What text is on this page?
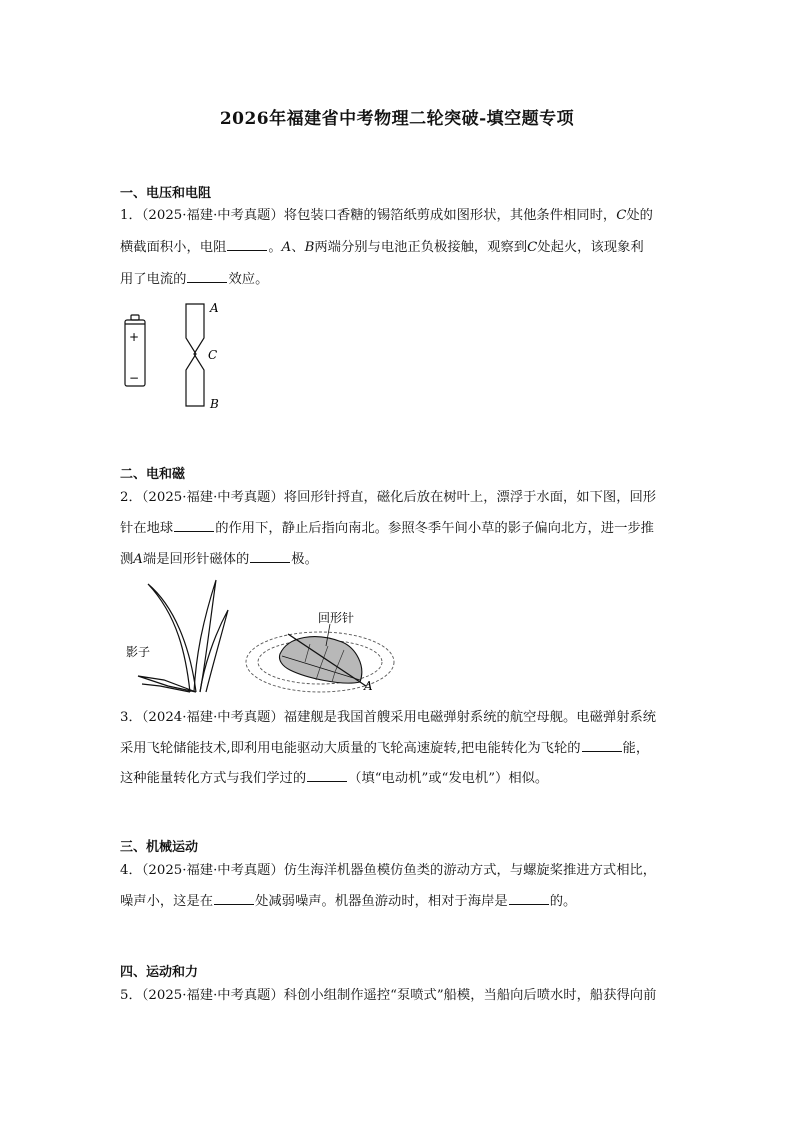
2026年福建省中考物理二轮突破-填空题专项
一、电压和电阻
1．（2025·福建·中考真题）将包装口香糖的锡箔纸剪成如图形状，其他条件相同时，C处的
横截面积小，电阻	。A、B两端分别与电池正负极接触，观察到C处起火，该现象利
用了电流的	效应。
+
−
A
C
B
二、电和磁
2．（2025·福建·中考真题）将回形针捋直，磁化后放在树叶上，漂浮于水面，如下图，回形
针在地球	的作用下，静止后指向南北。参照冬季午间小草的影子偏向北方，进一步推
测A端是回形针磁体的	极。
影子
回形针
A
3．（2024·福建·中考真题）福建舰是我国首艘采用电磁弹射系统的航空母舰。电磁弹射系统
采用飞轮储能技术,即利用电能驱动大质量的飞轮高速旋转,把电能转化为飞轮的	能，
这种能量转化方式与我们学过的	（填“电动机”或“发电机”）相似。
三、机械运动
4．（2025·福建·中考真题）仿生海洋机器鱼模仿鱼类的游动方式，与螺旋桨推进方式相比，
噪声小，这是在	处减弱噪声。机器鱼游动时，相对于海岸是	的。
四、运动和力
5．（2025·福建·中考真题）科创小组制作遥控“泵喷式”船模，当船向后喷水时，船获得向前
